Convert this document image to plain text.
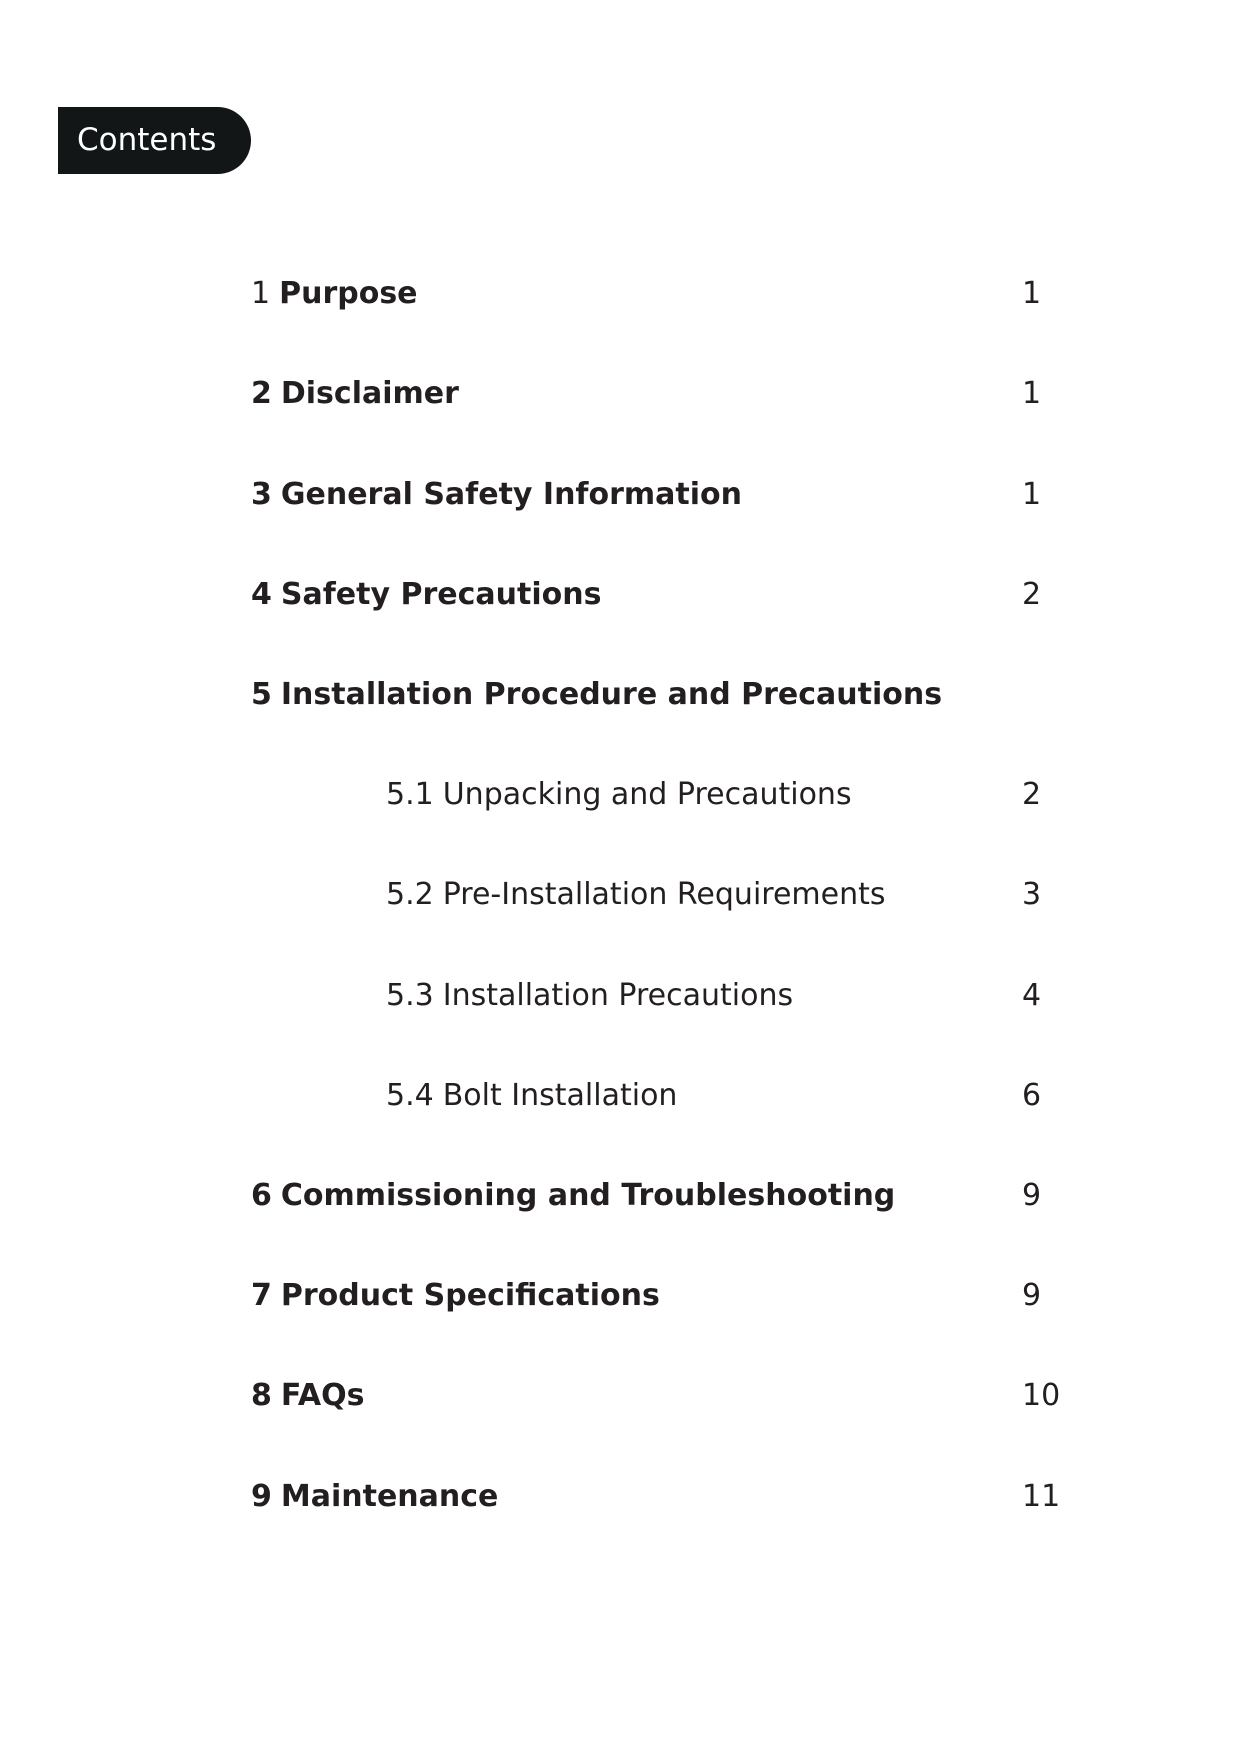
Contents
1 Purpose	1
2 Disclaimer	1
3 General Safety Information	1
4 Safety Precautions	2
5 Installation Procedure and Precautions
5.1 Unpacking and Precautions	2
5.2 Pre-Installation Requirements	3
5.3 Installation Precautions	4
5.4 Bolt Installation	6
6 Commissioning and Troubleshooting	9
7 Product Specifications	9
8 FAQs	10
9 Maintenance	11
